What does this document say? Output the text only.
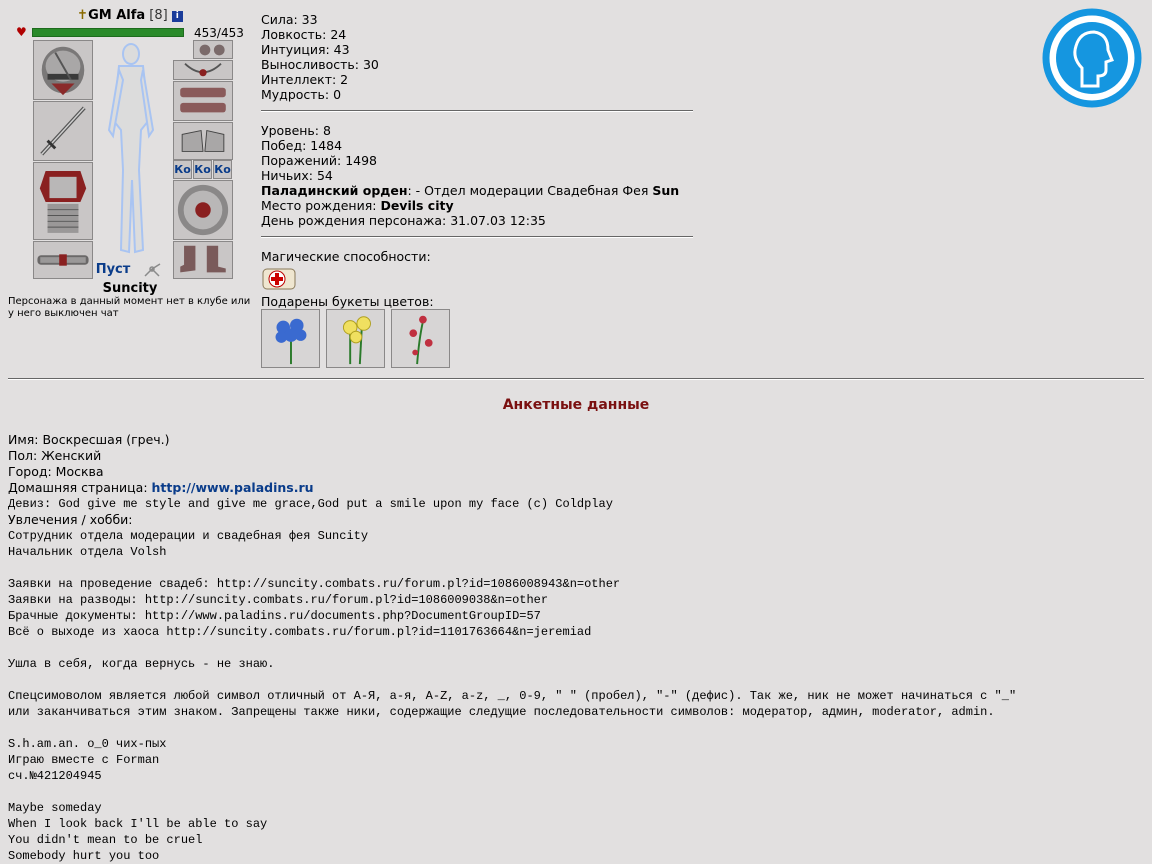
✝GM Alfa [8] i
♥	453/453
Ко Ко Ко
Пуст
Suncity
Персонажа в данный момент нет в клубе или у него выключен чат
Сила: 33
Ловкость: 24
Интуиция: 43
Выносливость: 30
Интеллект: 2
Мудрость: 0
Уровень: 8
Побед: 1484
Поражений: 1498
Ничьих: 54
Паладинский орден: - Отдел модерации Свадебная Фея Sun
Место рождения: Devils city
День рождения персонажа: 31.07.03 12:35
Магические способности:
Подарены букеты цветов:
Анкетные данные
Имя: Воскресшая (греч.)
Пол: Женский
Город: Москва
Домашняя страница: http://www.paladins.ru
Девиз: God give me style and give me grace,God put a smile upon my face (c) Coldplay
Увлечения / хобби:
Сотрудник отдела модерации и свадебная фея Suncity
Начальник отдела Volsh

Заявки на проведение свадеб: http://suncity.combats.ru/forum.pl?id=1086008943&n=other
Заявки на разводы: http://suncity.combats.ru/forum.pl?id=1086009038&n=other
Брачные документы: http://www.paladins.ru/documents.php?DocumentGroupID=57
Всё о выходе из хаоса http://suncity.combats.ru/forum.pl?id=1101763664&n=jeremiad

Ушла в себя, когда вернусь - не знаю.

Спецсимоволом является любой символ отличный от А-Я, а-я, A-Z, a-z, _, 0-9, " " (пробел), "-" (дефис). Так же, ник не может начинаться с "_"
или заканчиваться этим знаком. Запрещены также ники, содержащие следущие последовательности символов: модератор, админ, moderator, admin.

S.h.am.an. o_0 чих-пых
Играю вместе с Forman
сч.№421204945

Maybe someday
When I look back I'll be able to say
You didn't mean to be cruel
Somebody hurt you too
